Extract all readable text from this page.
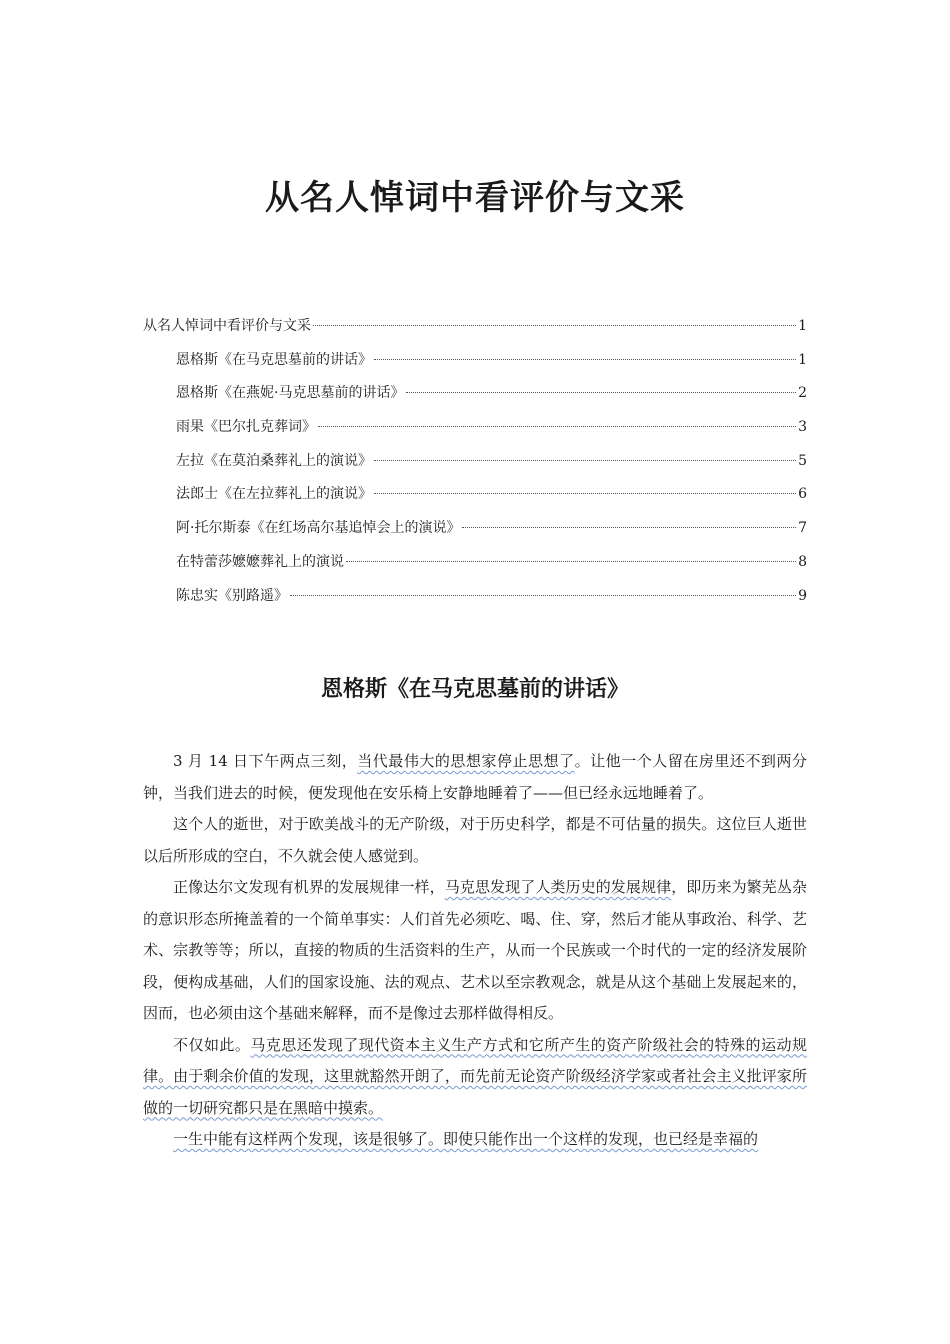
从名人悼词中看评价与文采
从名人悼词中看评价与文采	1
恩格斯《在马克思墓前的讲话》	1
恩格斯《在燕妮·马克思墓前的讲话》	2
雨果《巴尔扎克葬词》	3
左拉《在莫泊桑葬礼上的演说》	5
法郎士《在左拉葬礼上的演说》	6
阿·托尔斯泰《在红场高尔基追悼会上的演说》	7
在特蕾莎嬷嬷葬礼上的演说	8
陈忠实《别路遥》	9
恩格斯《在马克思墓前的讲话》

3 月 14 日下午两点三刻，当代最伟大的思想家停止思想了。让他一个人留在房里还不到两分钟，当我们进去的时候，便发现他在安乐椅上安静地睡着了——但已经永远地睡着了。

这个人的逝世，对于欧美战斗的无产阶级，对于历史科学，都是不可估量的损失。这位巨人逝世以后所形成的空白，不久就会使人感觉到。

正像达尔文发现有机界的发展规律一样，马克思发现了人类历史的发展规律，即历来为繁芜丛杂的意识形态所掩盖着的一个简单事实：人们首先必须吃、喝、住、穿，然后才能从事政治、科学、艺术、宗教等等；所以，直接的物质的生活资料的生产，从而一个民族或一个时代的一定的经济发展阶段，便构成基础，人们的国家设施、法的观点、艺术以至宗教观念，就是从这个基础上发展起来的，因而，也必须由这个基础来解释，而不是像过去那样做得相反。

不仅如此。马克思还发现了现代资本主义生产方式和它所产生的资产阶级社会的特殊的运动规律。由于剩余价值的发现，这里就豁然开朗了，而先前无论资产阶级经济学家或者社会主义批评家所做的一切研究都只是在黑暗中摸索。

一生中能有这样两个发现，该是很够了。即使只能作出一个这样的发现，也已经是幸福的
